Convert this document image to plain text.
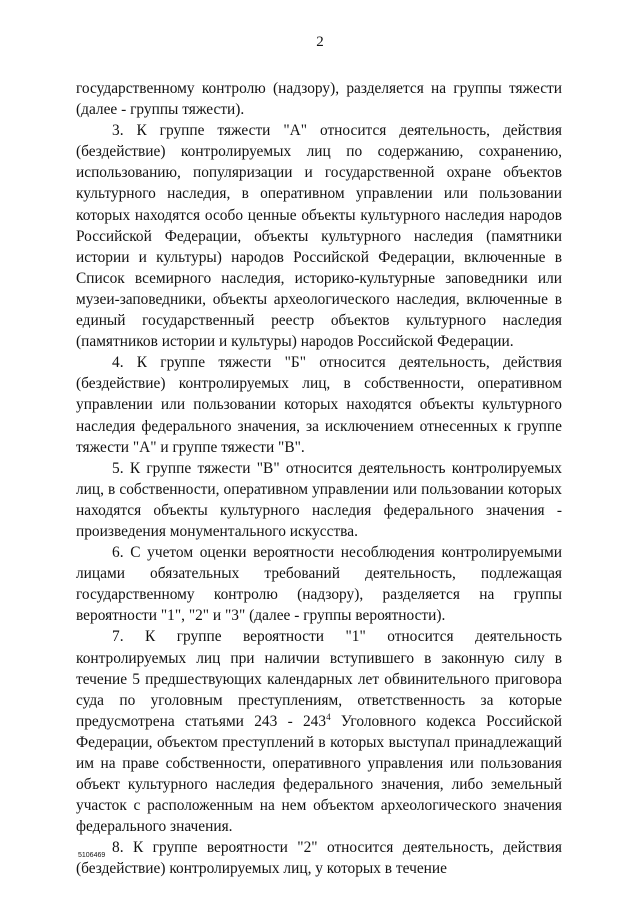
2

государственному контролю (надзору), разделяется на группы тяжести (далее - группы тяжести).

3. К группе тяжести "А" относится деятельность, действия (бездействие) контролируемых лиц по содержанию, сохранению, использованию, популяризации и государственной охране объектов культурного наследия, в оперативном управлении или пользовании которых находятся особо ценные объекты культурного наследия народов Российской Федерации, объекты культурного наследия (памятники истории и культуры) народов Российской Федерации, включенные в Список всемирного наследия, историко-культурные заповедники или музеи-заповедники, объекты археологического наследия, включенные в единый государственный реестр объектов культурного наследия (памятников истории и культуры) народов Российской Федерации.

4. К группе тяжести "Б" относится деятельность, действия (бездействие) контролируемых лиц, в собственности, оперативном управлении или пользовании которых находятся объекты культурного наследия федерального значения, за исключением отнесенных к группе тяжести "А" и группе тяжести "В".

5. К группе тяжести "В" относится деятельность контролируемых лиц, в собственности, оперативном управлении или пользовании которых находятся объекты культурного наследия федерального значения - произведения монументального искусства.

6. С учетом оценки вероятности несоблюдения контролируемыми лицами обязательных требований деятельность, подлежащая государственному контролю (надзору), разделяется на группы вероятности "1", "2" и "3" (далее - группы вероятности).

7. К группе вероятности "1" относится деятельность контролируемых лиц при наличии вступившего в законную силу в течение 5 предшествующих календарных лет обвинительного приговора суда по уголовным преступлениям, ответственность за которые предусмотрена статьями $243 - 243^4$ Уголовного кодекса Российской Федерации, объектом преступлений в которых выступал принадлежащий им на праве собственности, оперативного управления или пользования объект культурного наследия федерального значения, либо земельный участок с расположенным на нем объектом археологического значения федерального значения.

8. К группе вероятности "2" относится деятельность, действия (бездействие) контролируемых лиц, у которых в течение

5106469
